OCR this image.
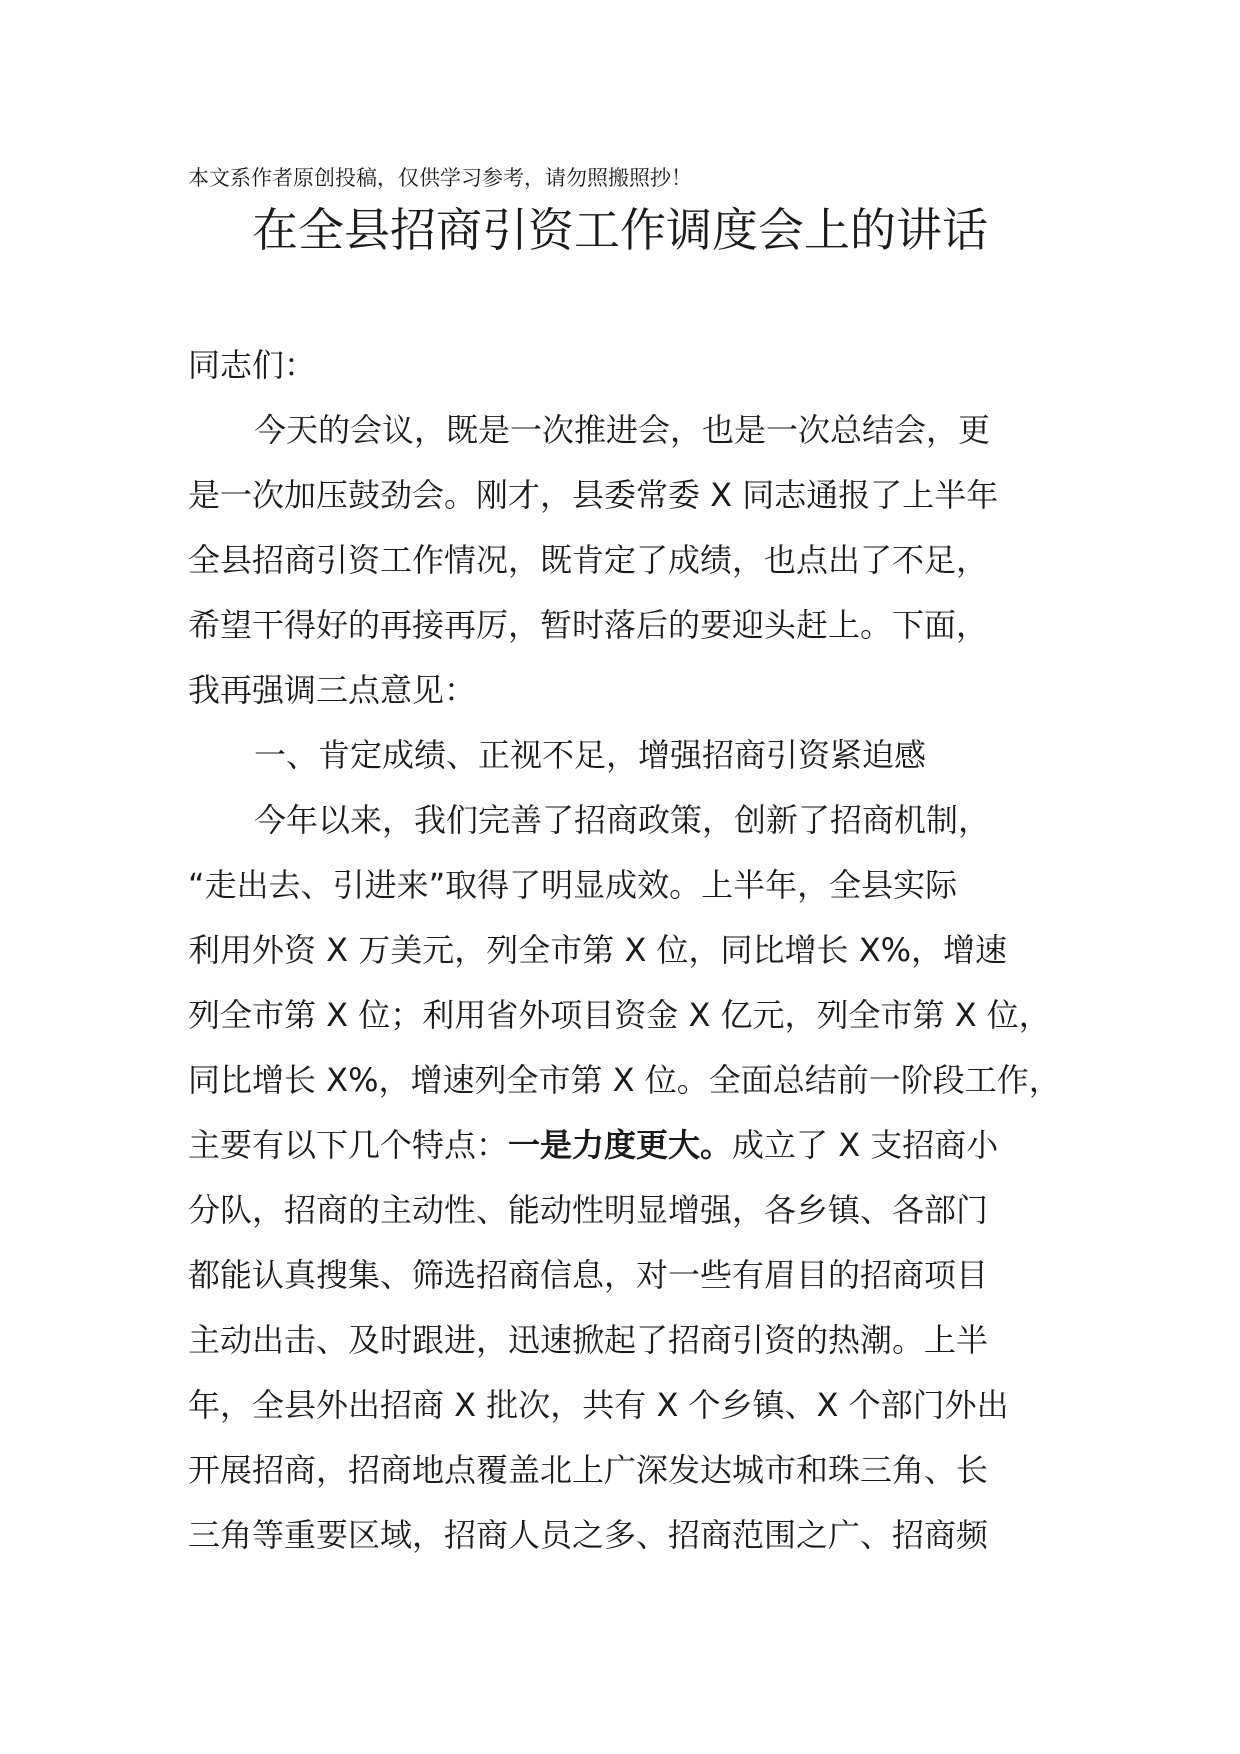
本文系作者原创投稿，仅供学习参考，请勿照搬照抄！
在全县招商引资工作调度会上的讲话
同志们：
今天的会议，既是一次推进会，也是一次总结会，更
是一次加压鼓劲会。刚才，县委常委 X 同志通报了上半年
全县招商引资工作情况，既肯定了成绩，也点出了不足，
希望干得好的再接再厉，暂时落后的要迎头赶上。下面，
我再强调三点意见：
一、肯定成绩、正视不足，增强招商引资紧迫感
今年以来，我们完善了招商政策，创新了招商机制，
“走出去、引进来”取得了明显成效。上半年，全县实际
利用外资 X 万美元，列全市第 X 位，同比增长 X%，增速
列全市第 X 位；利用省外项目资金 X 亿元，列全市第 X 位，
同比增长 X%，增速列全市第 X 位。全面总结前一阶段工作，
主要有以下几个特点：一是力度更大。成立了 X 支招商小
分队，招商的主动性、能动性明显增强，各乡镇、各部门
都能认真搜集、筛选招商信息，对一些有眉目的招商项目
主动出击、及时跟进，迅速掀起了招商引资的热潮。上半
年，全县外出招商 X 批次，共有 X 个乡镇、X 个部门外出
开展招商，招商地点覆盖北上广深发达城市和珠三角、长
三角等重要区域，招商人员之多、招商范围之广、招商频
